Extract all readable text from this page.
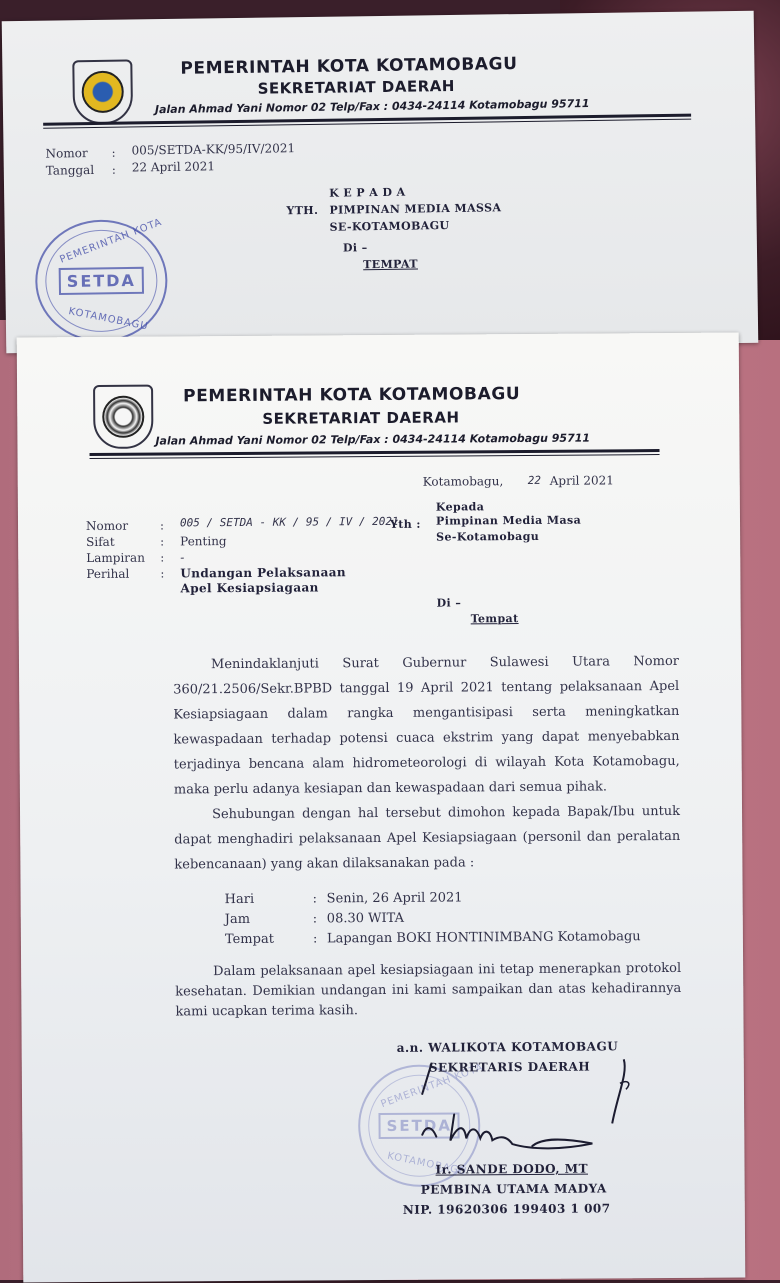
PEMERINTAH KOTA KOTAMOBAGU
SEKRETARIAT DAERAH
Jalan Ahmad Yani Nomor 02 Telp/Fax : 0434-24114 Kotamobagu 95711
Nomor : 005/SETDA-KK/95/IV/2021
Tanggal : 22 April 2021
K E P A D A
YTH. PIMPINAN MEDIA MASSA
SE-KOTAMOBAGU
Di –
TEMPAT
PEMERINTAH KOTA
SETDA
KOTAMOBAGU
PEMERINTAH KOTA KOTAMOBAGU
SEKRETARIAT DAERAH
Jalan Ahmad Yani Nomor 02 Telp/Fax : 0434-24114 Kotamobagu 95711
Kotamobagu, 22 April 2021
Nomor	: 005 / SETDA - KK / 95 / IV / 2021
Sifat	: Penting
Lampiran : -
Perihal	: Undangan Pelaksanaan
Apel Kesiapsiagaan
Kepada
Yth : Pimpinan Media Masa
Se-Kotamobagu
Di –
Tempat
Menindaklanjuti Surat Gubernur Sulawesi Utara Nomor 360/21.2506/Sekr.BPBD tanggal 19 April 2021 tentang pelaksanaan Apel Kesiapsiagaan dalam rangka mengantisipasi serta meningkatkan kewaspadaan terhadap potensi cuaca ekstrim yang dapat menyebabkan terjadinya bencana alam hidrometeorologi di wilayah Kota Kotamobagu, maka perlu adanya kesiapan dan kewaspadaan dari semua pihak.
Sehubungan dengan hal tersebut dimohon kepada Bapak/Ibu untuk dapat menghadiri pelaksanaan Apel Kesiapsiagaan (personil dan peralatan kebencanaan) yang akan dilaksanakan pada :
Hari	: Senin, 26 April 2021
Jam	: 08.30 WITA
Tempat	: Lapangan BOKI HONTINIMBANG Kotamobagu
Dalam pelaksanaan apel kesiapsiagaan ini tetap menerapkan protokol kesehatan. Demikian undangan ini kami sampaikan dan atas kehadirannya kami ucapkan terima kasih.
PEMERINTAH KOTA
SETDA
KOTAMOBAGU
a.n. WALIKOTA KOTAMOBAGU
SEKRETARIS DAERAH
Ir. SANDE DODO, MT
PEMBINA UTAMA MADYA
NIP. 19620306 199403 1 007
